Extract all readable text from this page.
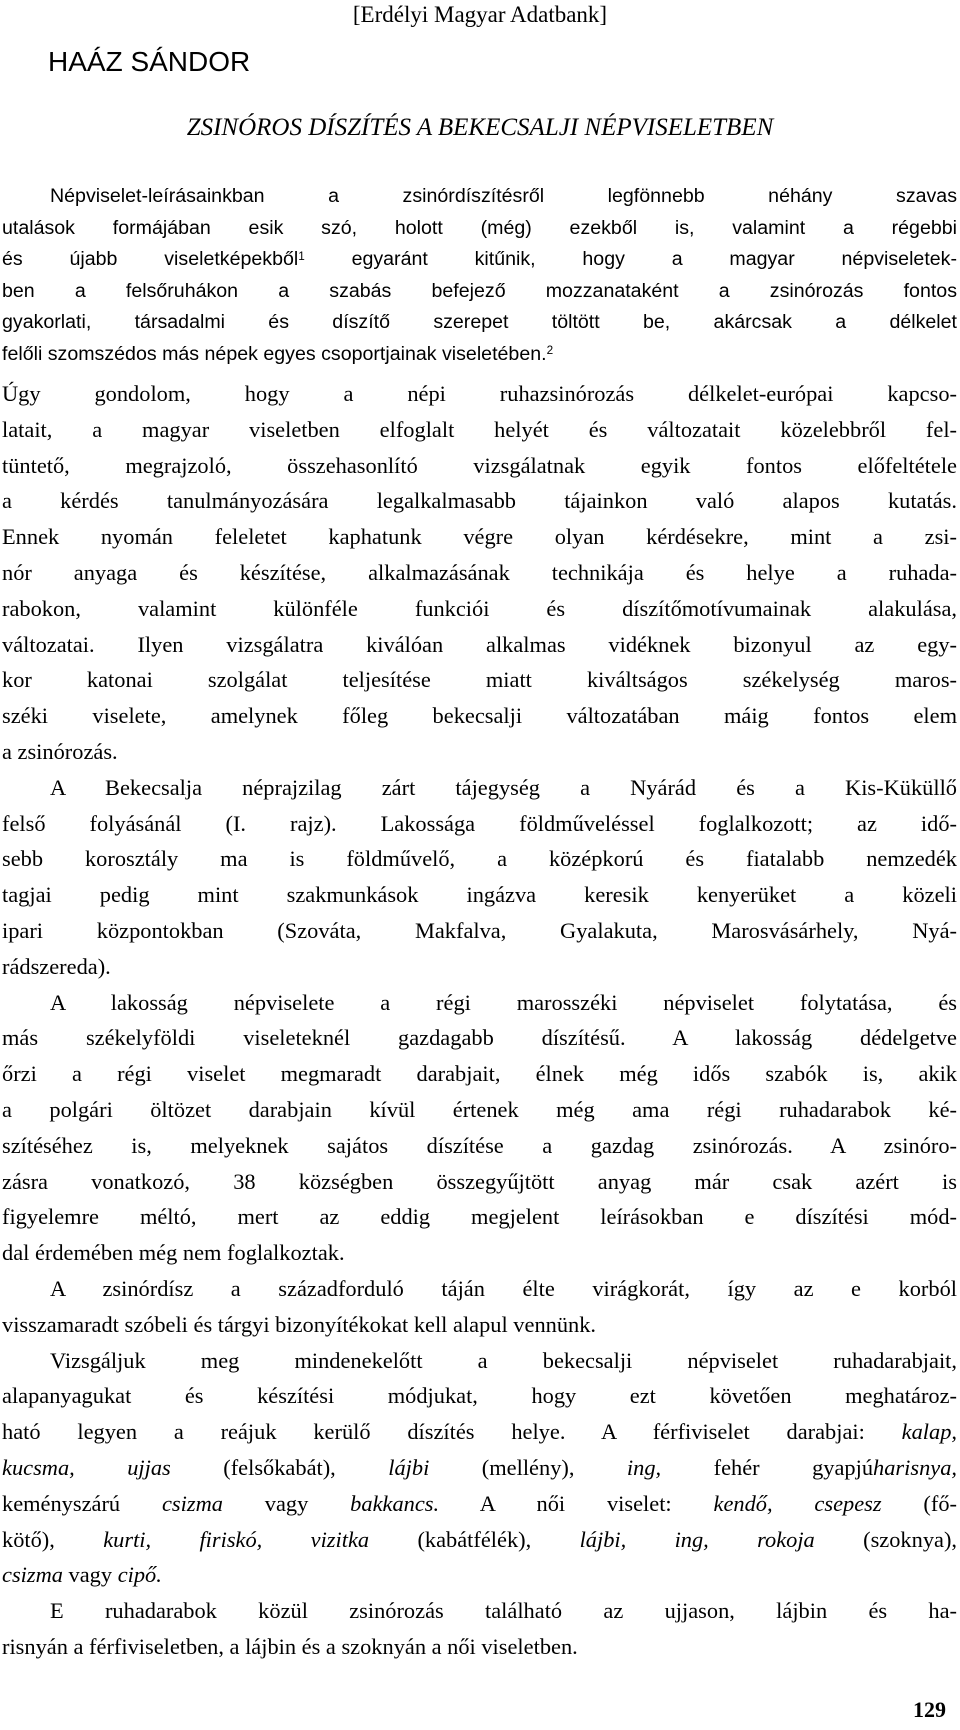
[Erdélyi Magyar Adatbank]
HAÁZ SÁNDOR
ZSINÓROS DÍSZÍTÉS A BEKECSALJI NÉPVISELETBEN
Népviselet-leírásainkban a zsinórdíszítésről legfönnebb néhány szavas
utalások formájában esik szó, holott (még) ezekből is, valamint a régebbi
és újabb viseletképekből$^1$ egyaránt kitűnik, hogy a magyar népviseletek-
ben a felsőruhákon a szabás befejező mozzanataként a zsinórozás fontos
gyakorlati, társadalmi és díszítő szerepet töltött be, akárcsak a délkelet
felőli szomszédos más népek egyes csoportjainak viseletében.$^2$
Úgy gondolom, hogy a népi ruhazsinórozás délkelet-európai kapcso-
latait, a magyar viseletben elfoglalt helyét és változatait közelebbről fel-
tüntető, megrajzoló, összehasonlító vizsgálatnak egyik fontos előfeltétele
a kérdés tanulmányozására legalkalmasabb tájainkon való alapos kutatás.
Ennek nyomán feleletet kaphatunk végre olyan kérdésekre, mint a zsi-
nór anyaga és készítése, alkalmazásának technikája és helye a ruhada-
rabokon, valamint különféle funkciói és díszítőmotívumainak alakulása,
változatai. Ilyen vizsgálatra kiválóan alkalmas vidéknek bizonyul az egy-
kor katonai szolgálat teljesítése miatt kiváltságos székelység maros-
széki viselete, amelynek főleg bekecsalji változatában máig fontos elem
a zsinórozás.
A Bekecsalja néprajzilag zárt tájegység a Nyárád és a Kis-Küküllő
felső folyásánál (I. rajz). Lakossága földműveléssel foglalkozott; az idő-
sebb korosztály ma is földművelő, a középkorú és fiatalabb nemzedék
tagjai pedig mint szakmunkások ingázva keresik kenyerüket a közeli
ipari központokban (Szováta, Makfalva, Gyalakuta, Marosvásárhely, Nyá-
rádszereda).
A lakosság népviselete a régi marosszéki népviselet folytatása, és
más székelyföldi viseleteknél gazdagabb díszítésű. A lakosság dédelgetve
őrzi a régi viselet megmaradt darabjait, élnek még idős szabók is, akik
a polgári öltözet darabjain kívül értenek még ama régi ruhadarabok ké-
szítéséhez is, melyeknek sajátos díszítése a gazdag zsinórozás. A zsinóro-
zásra vonatkozó, 38 községben összegyűjtött anyag már csak azért is
figyelemre méltó, mert az eddig megjelent leírásokban e díszítési mód-
dal érdemében még nem foglalkoztak.
A zsinórdísz a századforduló táján élte virágkorát, így az e korból
visszamaradt szóbeli és tárgyi bizonyítékokat kell alapul vennünk.
Vizsgáljuk meg mindenekelőtt a bekecsalji népviselet ruhadarabjait,
alapanyagukat és készítési módjukat, hogy ezt követően meghatároz-
ható legyen a reájuk kerülő díszítés helye. A férfiviselet darabjai: kalap,
kucsma, ujjas (felsőkabát), lájbi (mellény), ing, fehér gyapjúharisnya,
keményszárú csizma vagy bakkancs. A női viselet: kendő, csepesz (fő-
kötő), kurti, firiskó, vizitka (kabátfélék), lájbi, ing, rokoja (szoknya),
csizma vagy cipő.
E ruhadarabok közül zsinórozás található az ujjason, lájbin és ha-
risnyán a férfiviseletben, a lájbin és a szoknyán a női viseletben.
129
